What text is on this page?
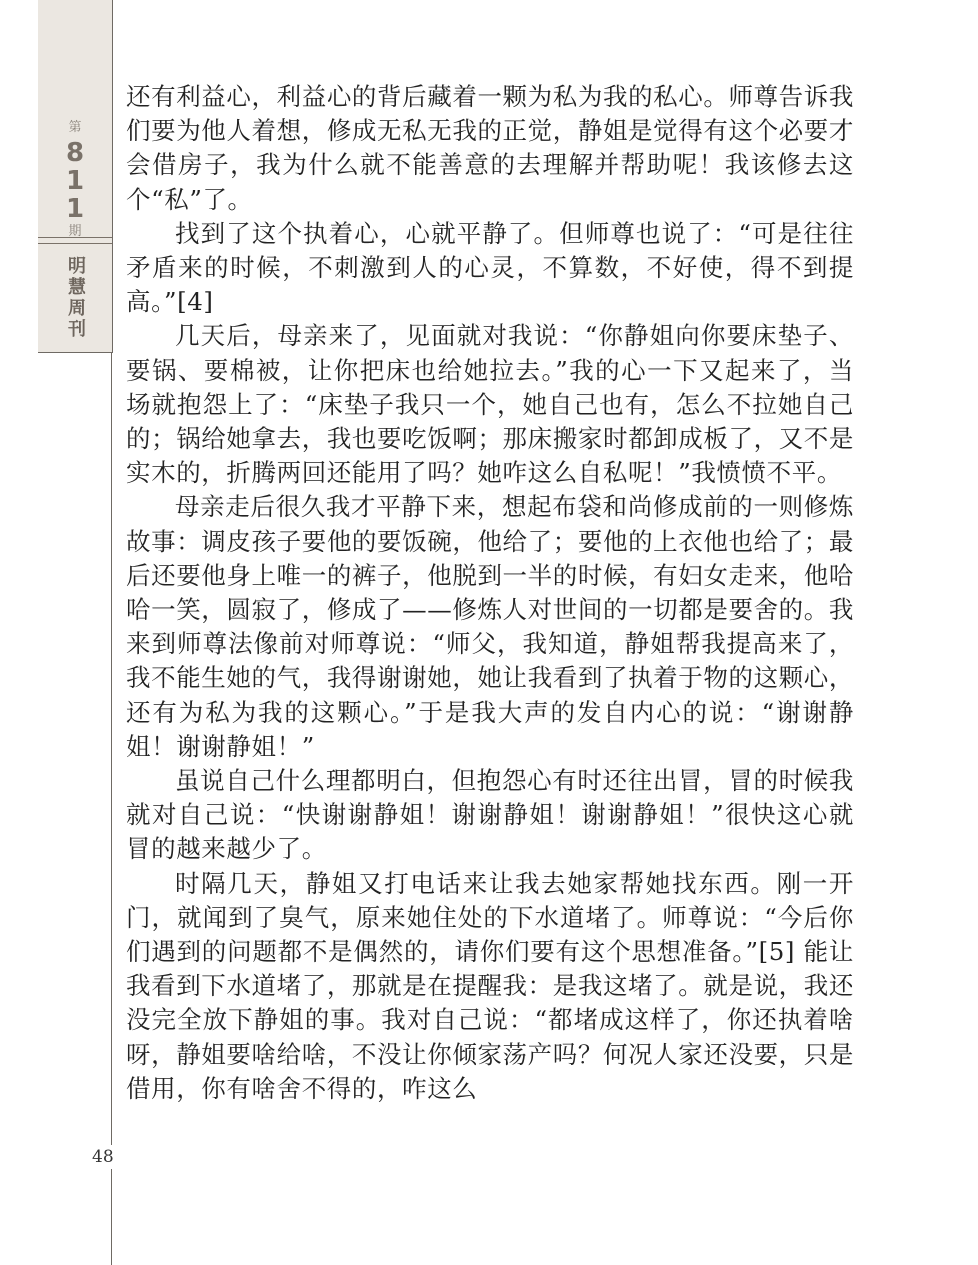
第
811
期
明慧周刊
48

还有利益心，利益心的背后藏着一颗为私为我的私心。师尊告诉我们要为他人着想，修成无私无我的正觉，静姐是觉得有这个必要才会借房子，我为什么就不能善意的去理解并帮助呢！我该修去这个“私”了。

找到了这个执着心，心就平静了。但师尊也说了：“可是往往矛盾来的时候，不刺激到人的心灵，不算数，不好使，得不到提高。”[4]

几天后，母亲来了，见面就对我说：“你静姐向你要床垫子、要锅、要棉被，让你把床也给她拉去。”我的心一下又起来了，当场就抱怨上了：“床垫子我只一个，她自己也有，怎么不拉她自己的；锅给她拿去，我也要吃饭啊；那床搬家时都卸成板了，又不是实木的，折腾两回还能用了吗？她咋这么自私呢！”我愤愤不平。

母亲走后很久我才平静下来，想起布袋和尚修成前的一则修炼故事：调皮孩子要他的要饭碗，他给了；要他的上衣他也给了；最后还要他身上唯一的裤子，他脱到一半的时候，有妇女走来，他哈哈一笑，圆寂了，修成了——修炼人对世间的一切都是要舍的。我来到师尊法像前对师尊说：“师父，我知道，静姐帮我提高来了，我不能生她的气，我得谢谢她，她让我看到了执着于物的这颗心，还有为私为我的这颗心。”于是我大声的发自内心的说：“谢谢静姐！谢谢静姐！”

虽说自己什么理都明白，但抱怨心有时还往出冒，冒的时候我就对自己说：“快谢谢静姐！谢谢静姐！谢谢静姐！”很快这心就冒的越来越少了。

时隔几天，静姐又打电话来让我去她家帮她找东西。刚一开门，就闻到了臭气，原来她住处的下水道堵了。师尊说：“今后你们遇到的问题都不是偶然的，请你们要有这个思想准备。”[5] 能让我看到下水道堵了，那就是在提醒我：是我这堵了。就是说，我还没完全放下静姐的事。我对自己说：“都堵成这样了，你还执着啥呀，静姐要啥给啥，不没让你倾家荡产吗？何况人家还没要，只是借用，你有啥舍不得的，咋这么
